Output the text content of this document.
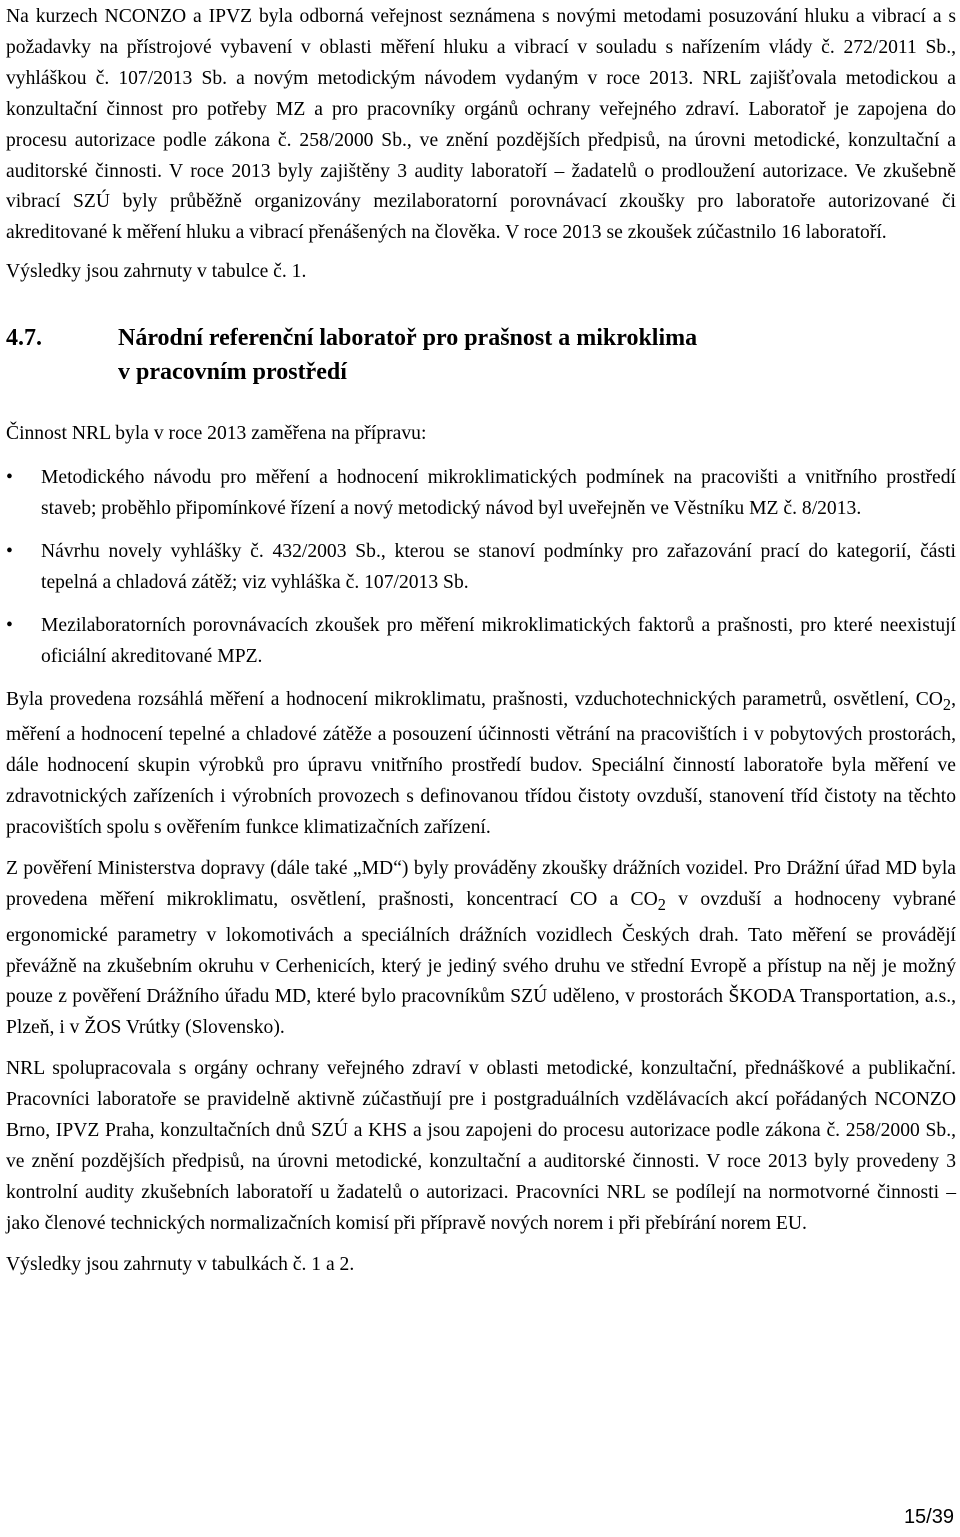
Na kurzech NCONZO a IPVZ byla odborná veřejnost seznámena s novými metodami posuzování hluku a vibrací a s požadavky na přístrojové vybavení v oblasti měření hluku a vibrací v souladu s nařízením vlády č. 272/2011 Sb., vyhláškou č. 107/2013 Sb. a novým metodickým návodem vydaným v roce 2013. NRL zajišťovala metodickou a konzultační činnost pro potřeby MZ a pro pracovníky orgánů ochrany veřejného zdraví. Laboratoř je zapojena do procesu autorizace podle zákona č. 258/2000 Sb., ve znění pozdějších předpisů, na úrovni metodické, konzultační a auditorské činnosti. V roce 2013 byly zajištěny 3 audity laboratoří – žadatelů o prodloužení autorizace. Ve zkušebně vibrací SZÚ byly průběžně organizovány mezilaboratorní porovnávací zkoušky pro laboratoře autorizované či akreditované k měření hluku a vibrací přenášených na člověka. V roce 2013 se zkoušek zúčastnilo 16 laboratoří.

Výsledky jsou zahrnuty v tabulce č. 1.

4.7.	Národní referenční laboratoř pro prašnost a mikroklima
v pracovním prostředí

Činnost NRL byla v roce 2013 zaměřena na přípravu:

• Metodického návodu pro měření a hodnocení mikroklimatických podmínek na pracovišti a vnitřního prostředí staveb; proběhlo připomínkové řízení a nový metodický návod byl uveřejněn ve Věstníku MZ č. 8/2013.

• Návrhu novely vyhlášky č. 432/2003 Sb., kterou se stanoví podmínky pro zařazování prací do kategorií, části tepelná a chladová zátěž; viz vyhláška č. 107/2013 Sb.

• Mezilaboratorních porovnávacích zkoušek pro měření mikroklimatických faktorů a prašnosti, pro které neexistují oficiální akreditované MPZ.

Byla provedena rozsáhlá měření a hodnocení mikroklimatu, prašnosti, vzduchotechnických parametrů, osvětlení, $CO_2$, měření a hodnocení tepelné a chladové zátěže a posouzení účinnosti větrání na pracovištích i v pobytových prostorách, dále hodnocení skupin výrobků pro úpravu vnitřního prostředí budov. Speciální činností laboratoře byla měření ve zdravotnických zařízeních i výrobních provozech s definovanou třídou čistoty ovzduší, stanovení tříd čistoty na těchto pracovištích spolu s ověřením funkce klimatizačních zařízení.

Z pověření Ministerstva dopravy (dále také „MD“) byly prováděny zkoušky drážních vozidel. Pro Drážní úřad MD byla provedena měření mikroklimatu, osvětlení, prašnosti, koncentrací CO a $CO_2$ v ovzduší a hodnoceny vybrané ergonomické parametry v lokomotivách a speciálních drážních vozidlech Českých drah. Tato měření se provádějí převážně na zkušebním okruhu v Cerhenicích, který je jediný svého druhu ve střední Evropě a přístup na něj je možný pouze z pověření Drážního úřadu MD, které bylo pracovníkům SZÚ uděleno, v prostorách ŠKODA Transportation, a.s., Plzeň, i v ŽOS Vrútky (Slovensko).

NRL spolupracovala s orgány ochrany veřejného zdraví v oblasti metodické, konzultační, přednáškové a publikační. Pracovníci laboratoře se pravidelně aktivně zúčastňují pre i postgraduálních vzdělávacích akcí pořádaných NCONZO Brno, IPVZ Praha, konzultačních dnů SZÚ a KHS a jsou zapojeni do procesu autorizace podle zákona č. 258/2000 Sb., ve znění pozdějších předpisů, na úrovni metodické, konzultační a auditorské činnosti. V roce 2013 byly provedeny 3 kontrolní audity zkušebních laboratoří u žadatelů o autorizaci. Pracovníci NRL se podílejí na normotvorné činnosti – jako členové technických normalizačních komisí při přípravě nových norem i při přebírání norem EU.

Výsledky jsou zahrnuty v tabulkách č. 1 a 2.

15/39
